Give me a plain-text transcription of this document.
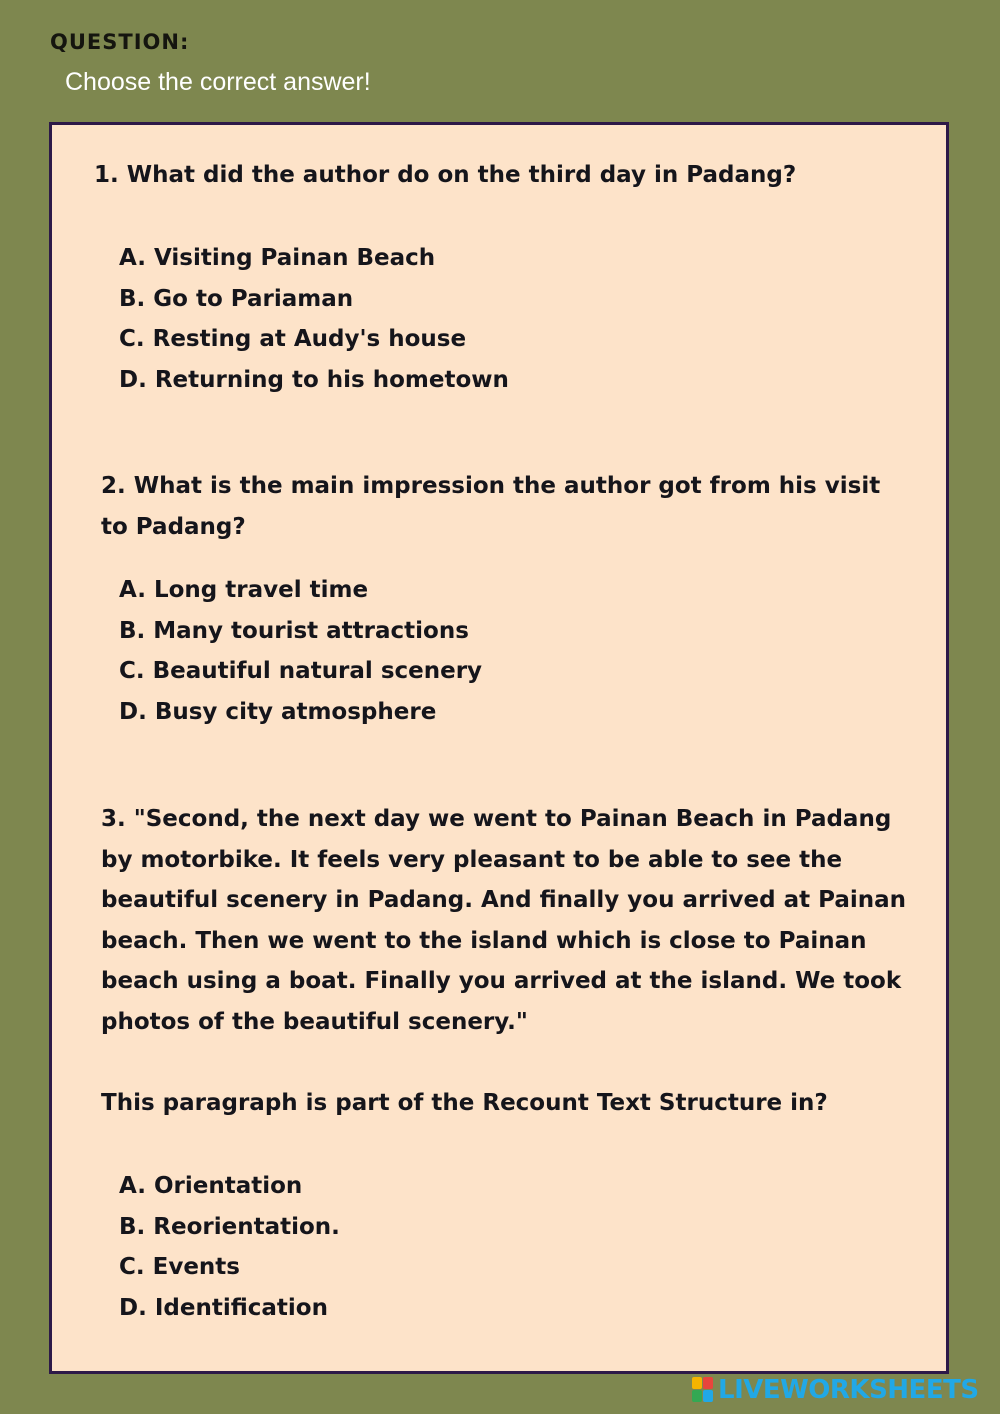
QUESTION:
Choose the correct answer!

1. What did the author do on the third day in Padang?

A. Visiting Painan Beach
B. Go to Pariaman
C. Resting at Audy's house
D. Returning to his hometown

2. What is the main impression the author got from his visit to Padang?

A. Long travel time
B. Many tourist attractions
C. Beautiful natural scenery
D. Busy city atmosphere

3. "Second, the next day we went to Painan Beach in Padang by motorbike. It feels very pleasant to be able to see the beautiful scenery in Padang. And finally you arrived at Painan beach. Then we went to the island which is close to Painan beach using a boat. Finally you arrived at the island. We took photos of the beautiful scenery."

This paragraph is part of the Recount Text Structure in?

A. Orientation
B. Reorientation.
C. Events
D. Identification
LIVEWORKSHEETS
